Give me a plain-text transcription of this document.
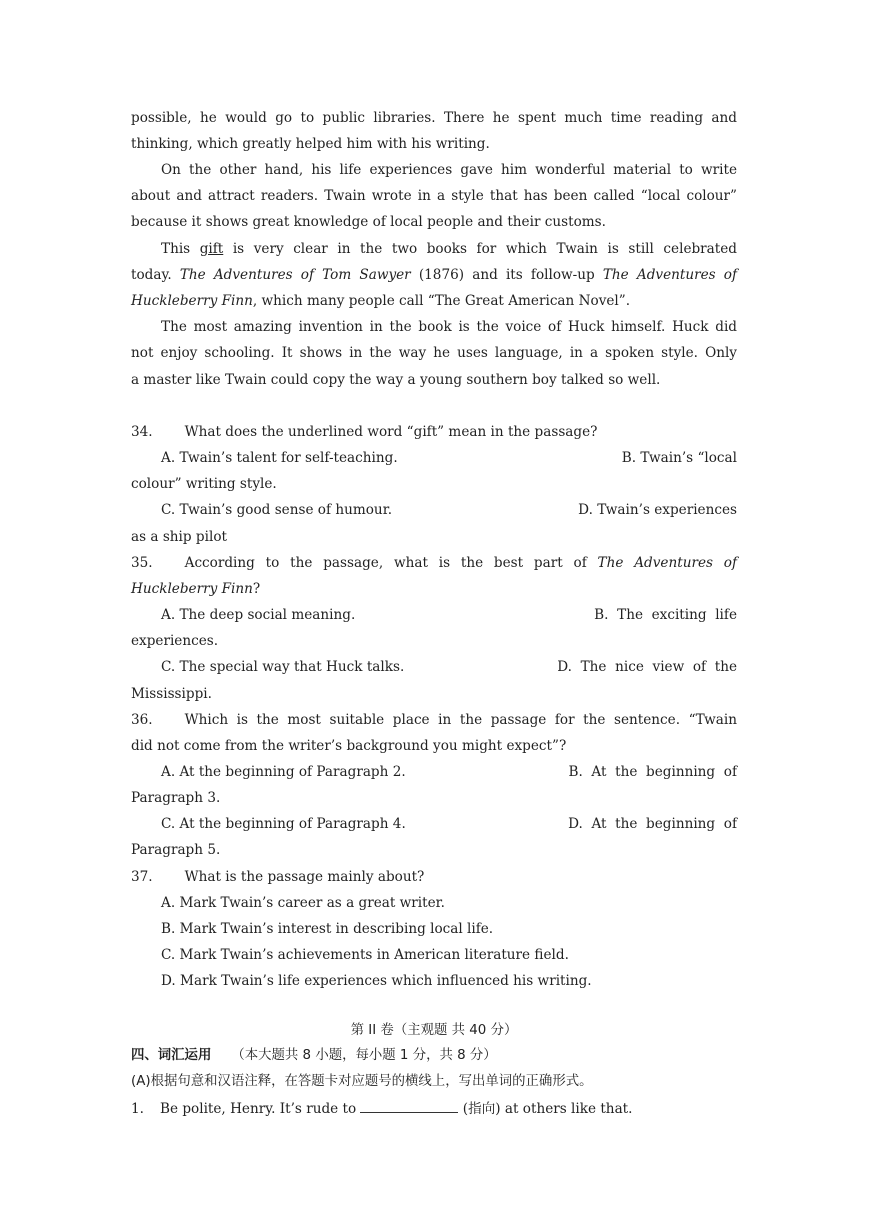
possible, he would go to public libraries. There he spent much time reading and
thinking, which greatly helped him with his writing.
On the other hand, his life experiences gave him wonderful material to write
about and attract readers. Twain wrote in a style that has been called “local colour”
because it shows great knowledge of local people and their customs.
This gift is very clear in the two books for which Twain is still celebrated
today. The Adventures of Tom Sawyer (1876) and its follow-up The Adventures of
Huckleberry Finn, which many people call “The Great American Novel”.
The most amazing invention in the book is the voice of Huck himself. Huck did
not enjoy schooling. It shows in the way he uses language, in a spoken style. Only
a master like Twain could copy the way a young southern boy talked so well.
34. What does the underlined word “gift” mean in the passage?
A. Twain’s talent for self-teaching.	B. Twain’s “local
colour” writing style.
C. Twain’s good sense of humour.	D. Twain’s experiences
as a ship pilot
35. According to the passage, what is the best part of The Adventures of
Huckleberry Finn?
A. The deep social meaning.	B.  The  exciting  life
experiences.
C. The special way that Huck talks.	D.  The  nice  view  of  the
Mississippi.
36. Which is the most suitable place in the passage for the sentence. “Twain
did not come from the writer’s background you might expect”?
A. At the beginning of Paragraph 2.	B.  At  the  beginning  of
Paragraph 3.
C. At the beginning of Paragraph 4.	D.  At  the  beginning  of
Paragraph 5.
37. What is the passage mainly about?
A. Mark Twain’s career as a great writer.
B. Mark Twain’s interest in describing local life.
C. Mark Twain’s achievements in American literature field.
D. Mark Twain’s life experiences which influenced his writing.
第 II 卷（主观题 共 40 分）
四、词汇运用 （本大题共 8 小题，每小题 1 分，共 8 分）
(A)根据句意和汉语注释，在答题卡对应题号的横线上，写出单词的正确形式。
1. Be polite, Henry. It’s rude to	(指向) at others like that.
